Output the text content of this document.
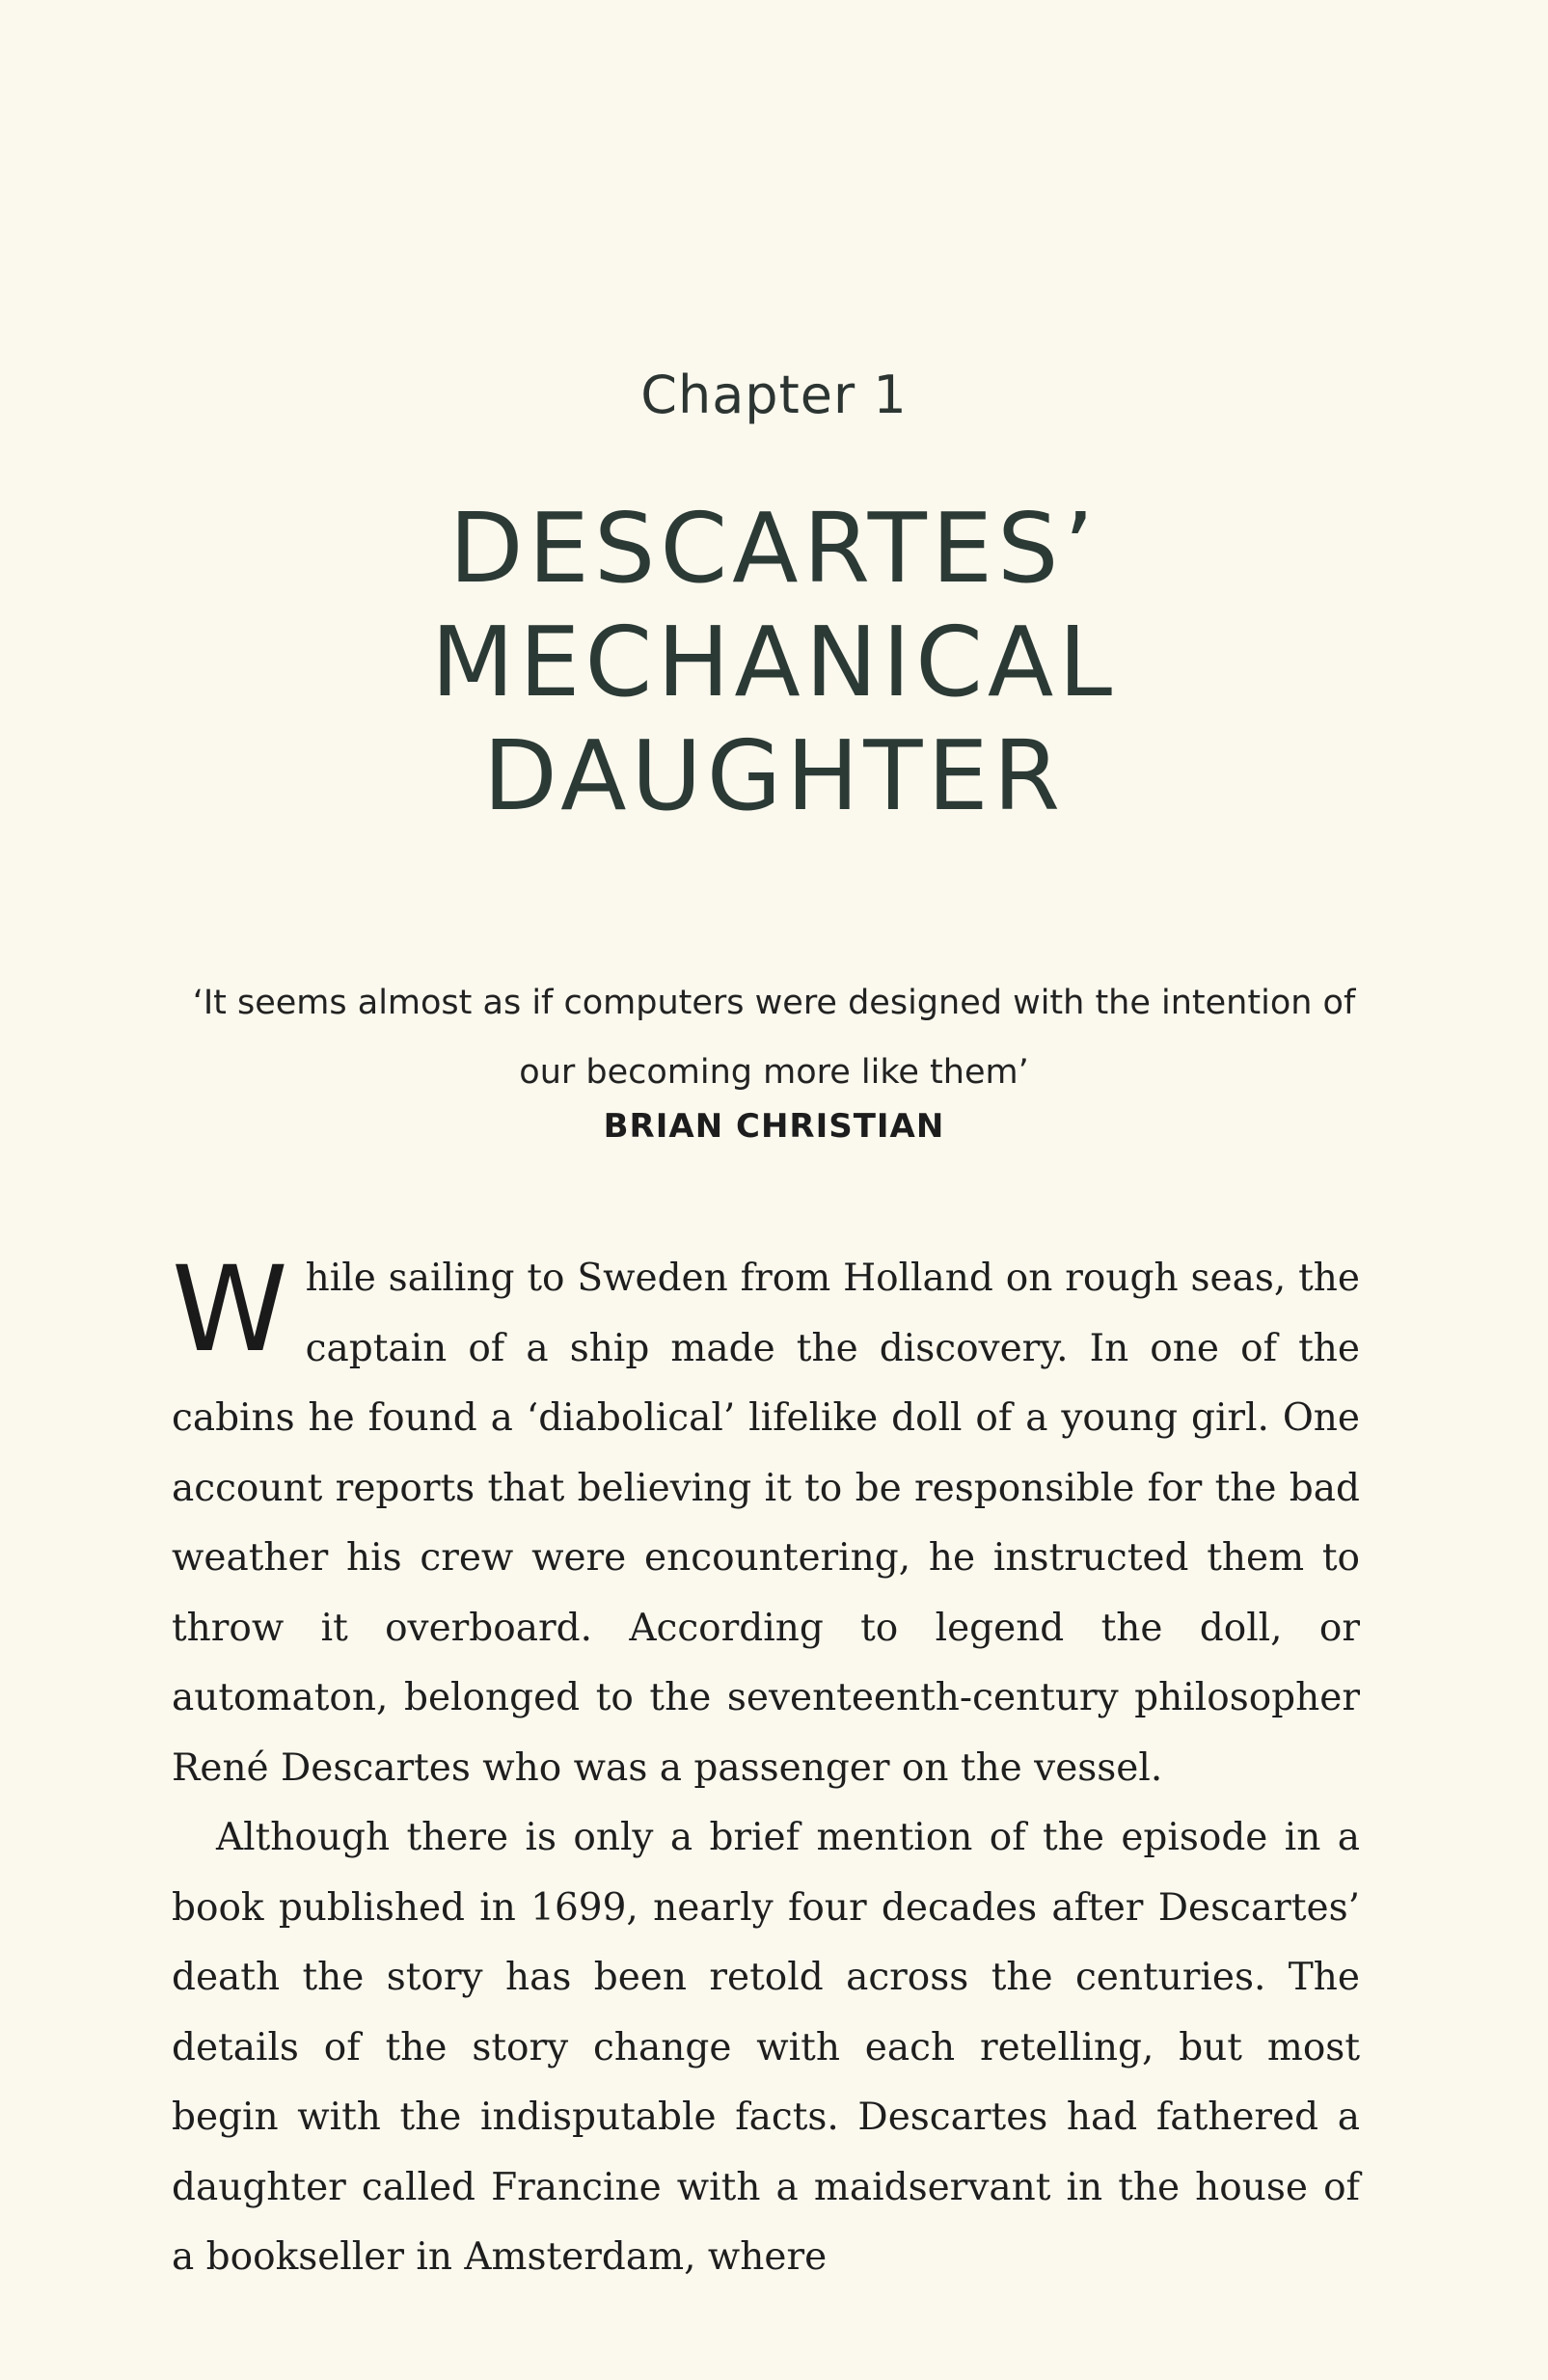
Chapter 1
DESCARTES’
MECHANICAL
DAUGHTER
‘It seems almost as if computers were designed with the intention of our becoming more like them’
BRIAN CHRISTIAN

While sailing to Sweden from Holland on rough seas, the captain of a ship made the discovery. In one of the cabins he found a ‘diabolical’ lifelike doll of a young girl. One account reports that believing it to be responsible for the bad weather his crew were encountering, he instructed them to throw it overboard. According to legend the doll, or automaton, belonged to the seventeenth-century philosopher René Descartes who was a passenger on the vessel.

Although there is only a brief mention of the episode in a book published in 1699, nearly four decades after Descartes’ death the story has been retold across the centuries. The details of the story change with each retelling, but most begin with the indisputable facts. Descartes had fathered a daughter called Francine with a maidservant in the house of a bookseller in Amsterdam, where
